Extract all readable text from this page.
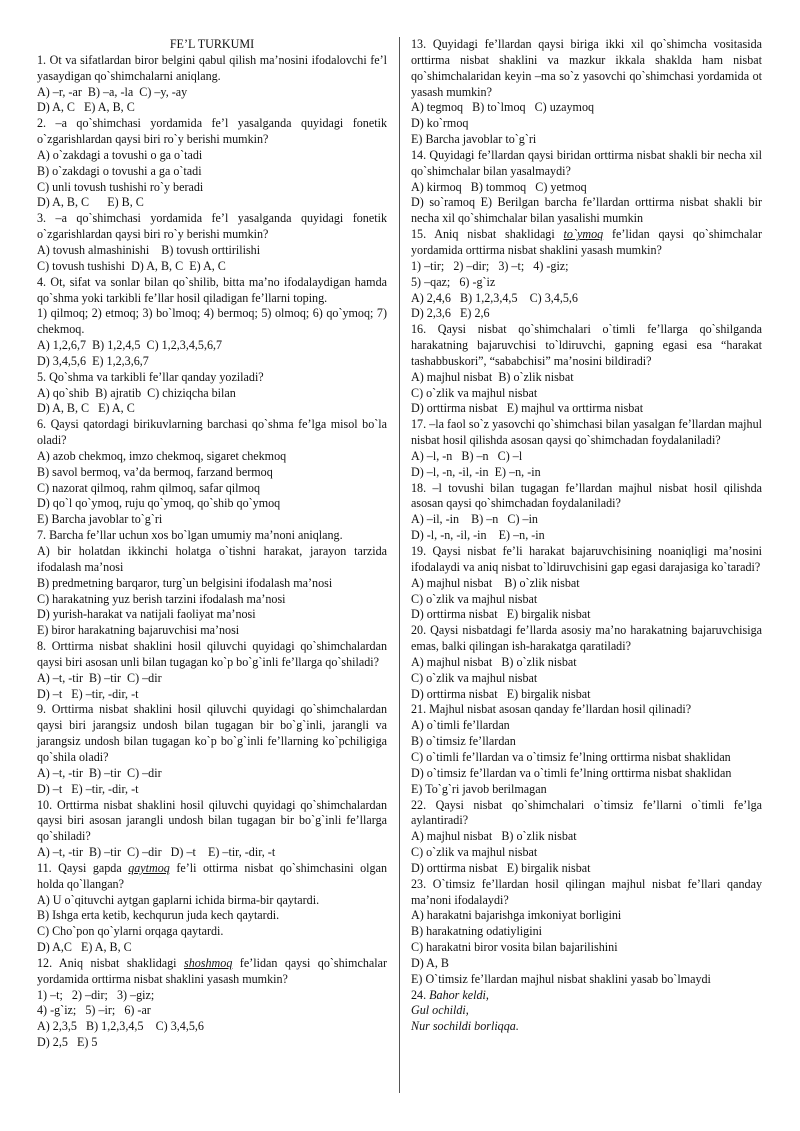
FE’L TURKUMI
1. Ot va sifatlardan biror belgini qabul qilish ma’nosini ifodalovchi fe’l yasaydigan qo`shimchalarni aniqlang.
A) –r, -ar  B) –a, -la  C) –y, -ay
D) A, C   E) A, B, C
2. –a qo`shimchasi yordamida fe’l yasalganda quyidagi fonetik o`zgarishlardan qaysi biri ro`y berishi mumkin?
A) o`zakdagi a tovushi o ga o`tadi
B) o`zakdagi o tovushi a ga o`tadi
C) unli tovush tushishi ro`y beradi
D) A, B, C      E) B, C
3. –a qo`shimchasi yordamida fe’l yasalganda quyidagi fonetik o`zgarishlardan qaysi biri ro`y berishi mumkin?
A) tovush almashinishi    B) tovush orttirilishi
C) tovush tushishi  D) A, B, C  E) A, C
4. Ot, sifat va sonlar bilan qo`shilib, bitta ma’no ifodalaydigan hamda qo`shma yoki tarkibli fe’llar hosil qiladigan fe’llarni toping.
1) qilmoq; 2) etmoq; 3) bo`lmoq; 4) bermoq; 5) olmoq; 6) qo`ymoq; 7) chekmoq.
A) 1,2,6,7  B) 1,2,4,5  C) 1,2,3,4,5,6,7
D) 3,4,5,6  E) 1,2,3,6,7
5. Qo`shma va tarkibli fe’llar qanday yoziladi?
A) qo`shib  B) ajratib  C) chiziqcha bilan
D) A, B, C   E) A, C
6. Qaysi qatordagi birikuvlarning barchasi qo`shma fe’lga misol bo`la oladi?
A) azob chekmoq, imzo chekmoq, sigaret chekmoq
B) savol bermoq, va’da bermoq, farzand bermoq
C) nazorat qilmoq, rahm qilmoq, safar qilmoq
D) qo`l qo`ymoq, ruju qo`ymoq, qo`shib qo`ymoq
E) Barcha javoblar to`g`ri
7. Barcha fe’llar uchun xos bo`lgan umumiy ma’noni aniqlang.
A) bir holatdan ikkinchi holatga o`tishni harakat, jarayon tarzida ifodalash ma’nosi
B) predmetning barqaror, turg`un belgisini ifodalash ma’nosi
C) harakatning yuz berish tarzini ifodalash ma’nosi
D) yurish-harakat va natijali faoliyat ma’nosi
E) biror harakatning bajaruvchisi ma’nosi
8. Orttirma nisbat shaklini hosil qiluvchi quyidagi qo`shimchalardan qaysi biri asosan unli bilan tugagan ko`p bo`g`inli fe’llarga qo`shiladi?
A) –t, -tir  B) –tir  C) –dir
D) –t   E) –tir, -dir, -t
9. Orttirma nisbat shaklini hosil qiluvchi quyidagi qo`shimchalardan qaysi biri jarangsiz undosh bilan tugagan bir bo`g`inli, jarangli va jarangsiz undosh bilan tugagan ko`p bo`g`inli fe’llarning ko`pchiligiga qo`shila oladi?
A) –t, -tir  B) –tir  C) –dir
D) –t   E) –tir, -dir, -t
10. Orttirma nisbat shaklini hosil qiluvchi quyidagi qo`shimchalardan qaysi biri asosan jarangli undosh bilan tugagan bir bo`g`inli fe’llarga qo`shiladi?
A) –t, -tir  B) –tir  C) –dir   D) –t    E) –tir, -dir, -t
11. Qaysi gapda qaytmoq fe’li ottirma nisbat qo`shimchasini olgan holda qo`llangan?
A) U o`qituvchi aytgan gaplarni ichida birma-bir qaytardi.
B) Ishga erta ketib, kechqurun juda kech qaytardi.
C) Cho`pon qo`ylarni orqaga qaytardi.
D) A,C   E) A, B, C
12. Aniq nisbat shaklidagi shoshmoq fe’lidan qaysi qo`shimchalar yordamida orttirma nisbat shaklini yasash mumkin?
1) –t;   2) –dir;   3) –giz;
4) -g`iz;   5) –ir;   6) -ar
A) 2,3,5   B) 1,2,3,4,5    C) 3,4,5,6
D) 2,5   E) 5
13. Quyidagi fe’llardan qaysi biriga ikki xil qo`shimcha vositasida orttirma nisbat shaklini va mazkur ikkala shaklda ham nisbat qo`shimchalaridan keyin –ma so`z yasovchi qo`shimchasi yordamida ot yasash mumkin?
A) tegmoq   B) to`lmoq   C) uzaymoq
D) ko`rmoq
E) Barcha javoblar to`g`ri
14. Quyidagi fe’llardan qaysi biridan orttirma nisbat shakli bir necha xil qo`shimchalar bilan yasalmaydi?
A) kirmoq   B) tommoq   C) yetmoq
D) so`ramoq E) Berilgan barcha fe’llardan orttirma nisbat shakli bir necha xil qo`shimchalar bilan yasalishi mumkin
15. Aniq nisbat shaklidagi to`ymoq fe’lidan qaysi qo`shimchalar yordamida orttirma nisbat shaklini yasash mumkin?
1) –tir;   2) –dir;   3) –t;   4) -giz;
5) –qaz;   6) -g`iz
A) 2,4,6   B) 1,2,3,4,5    C) 3,4,5,6
D) 2,3,6   E) 2,6
16. Qaysi nisbat qo`shimchalari o`timli fe’llarga qo`shilganda harakatning bajaruvchisi to`ldiruvchi, gapning egasi esa “harakat tashabbuskori”, “sababchisi” ma’nosini bildiradi?
A) majhul nisbat  B) o`zlik nisbat
C) o`zlik va majhul nisbat
D) orttirma nisbat   E) majhul va orttirma nisbat
17. –la faol so`z yasovchi qo`shimchasi bilan yasalgan fe’llardan majhul nisbat hosil qilishda asosan qaysi qo`shimchadan foydalaniladi?
A) –l, -n   B) –n   C) –l
D) –l, -n, -il, -in  E) –n, -in
18. –l tovushi bilan tugagan fe’llardan majhul nisbat hosil qilishda asosan qaysi qo`shimchadan foydalaniladi?
A) –il, -in    B) –n   C) –in
D) -l, -n, -il, -in    E) –n, -in
19. Qaysi nisbat fe’li harakat bajaruvchisining noaniqligi ma’nosini ifodalaydi va aniq nisbat to`ldiruvchisini gap egasi darajasiga ko`taradi?
A) majhul nisbat    B) o`zlik nisbat
C) o`zlik va majhul nisbat
D) orttirma nisbat   E) birgalik nisbat
20. Qaysi nisbatdagi fe’llarda asosiy ma’no harakatning bajaruvchisiga emas, balki qilingan ish-harakatga qaratiladi?
A) majhul nisbat   B) o`zlik nisbat
C) o`zlik va majhul nisbat
D) orttirma nisbat   E) birgalik nisbat
21. Majhul nisbat asosan qanday fe’llardan hosil qilinadi?
A) o`timli fe’llardan
B) o`timsiz fe’llardan
C) o`timli fe’llardan va o`timsiz fe’lning orttirma nisbat shaklidan
D) o`timsiz fe’llardan va o`timli fe’lning orttirma nisbat shaklidan
E) To`g`ri javob berilmagan
22. Qaysi nisbat qo`shimchalari o`timsiz fe’llarni o`timli fe’lga aylantiradi?
A) majhul nisbat   B) o`zlik nisbat
C) o`zlik va majhul nisbat
D) orttirma nisbat   E) birgalik nisbat
23. O`timsiz fe’llardan hosil qilingan majhul nisbat fe’llari qanday ma’noni ifodalaydi?
A) harakatni bajarishga imkoniyat borligini
B) harakatning odatiyligini
C) harakatni biror vosita bilan bajarilishini
D) A, B
E) O`timsiz fe’llardan majhul nisbat shaklini yasab bo`lmaydi
24. Bahor keldi,
Gul ochildi,
Nur sochildi borliqqa.
